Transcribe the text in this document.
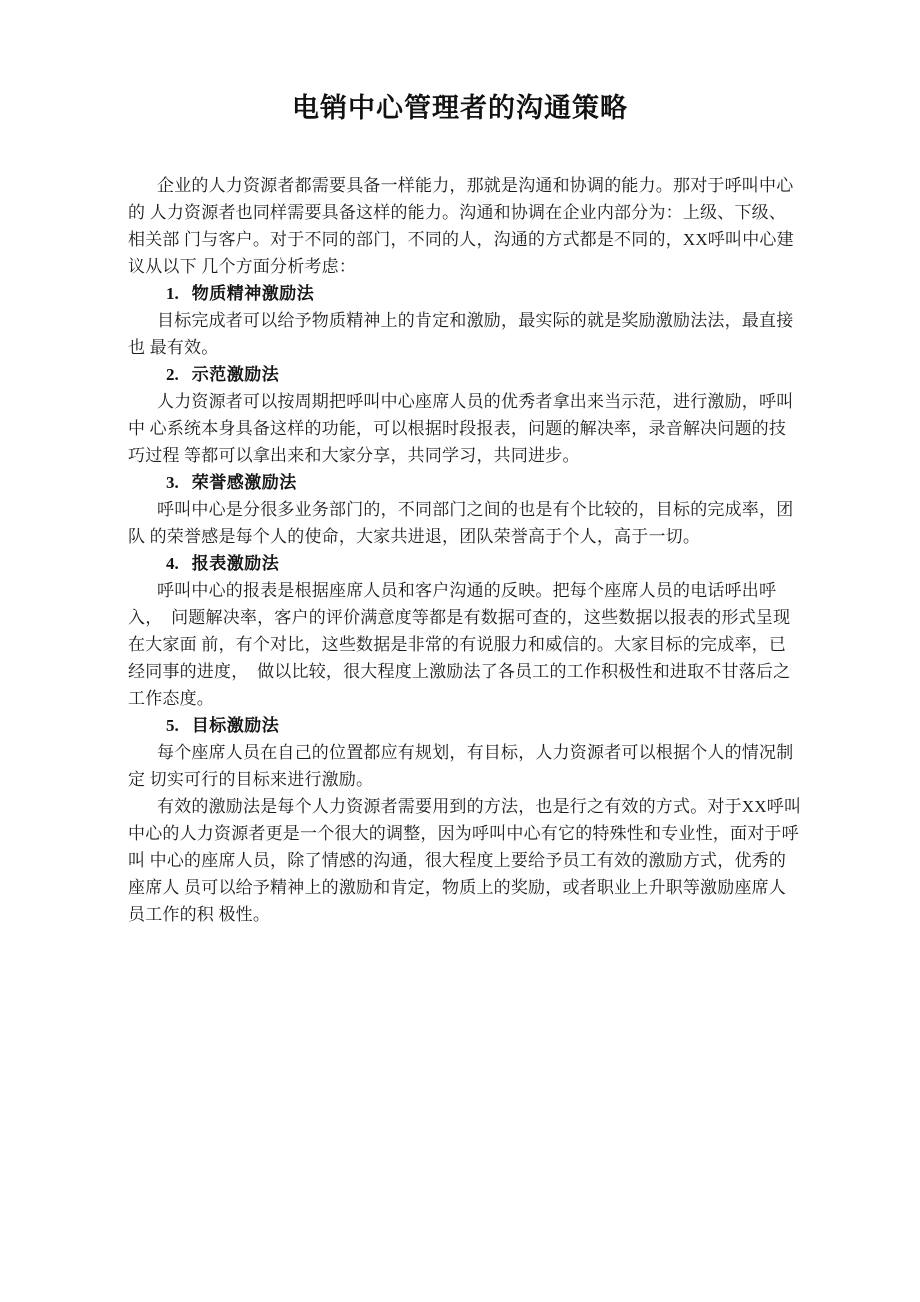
电销中心管理者的沟通策略
企业的人力资源者都需要具备一样能力，那就是沟通和协调的能力。那对于呼叫中心
的 人力资源者也同样需要具备这样的能力。沟通和协调在企业内部分为：上级、下级、
相关部 门与客户。对于不同的部门，不同的人，沟通的方式都是不同的，XX呼叫中心建
议从以下 几个方面分析考虑：
1. 物质精神激励法
目标完成者可以给予物质精神上的肯定和激励，最实际的就是奖励激励法法，最直接
也 最有效。
2. 示范激励法
人力资源者可以按周期把呼叫中心座席人员的优秀者拿出来当示范，进行激励，呼叫
中 心系统本身具备这样的功能，可以根据时段报表，问题的解决率，录音解决问题的技
巧过程 等都可以拿出来和大家分享，共同学习，共同进步。
3. 荣誉感激励法
呼叫中心是分很多业务部门的，不同部门之间的也是有个比较的，目标的完成率，团
队 的荣誉感是每个人的使命，大家共进退，团队荣誉高于个人，高于一切。
4. 报表激励法
呼叫中心的报表是根据座席人员和客户沟通的反映。把每个座席人员的电话呼出呼
入，　问题解决率，客户的评价满意度等都是有数据可查的，这些数据以报表的形式呈现
在大家面 前，有个对比，这些数据是非常的有说服力和威信的。大家目标的完成率，已
经同事的进度，　做以比较，很大程度上激励法了各员工的工作积极性和进取不甘落后之
工作态度。
5. 目标激励法
每个座席人员在自己的位置都应有规划，有目标，人力资源者可以根据个人的情况制
定 切实可行的目标来进行激励。
有效的激励法是每个人力资源者需要用到的方法，也是行之有效的方式。对于XX呼叫
中心的人力资源者更是一个很大的调整，因为呼叫中心有它的特殊性和专业性，面对于呼
叫 中心的座席人员，除了情感的沟通，很大程度上要给予员工有效的激励方式，优秀的
座席人 员可以给予精神上的激励和肯定，物质上的奖励，或者职业上升职等激励座席人
员工作的积 极性。
